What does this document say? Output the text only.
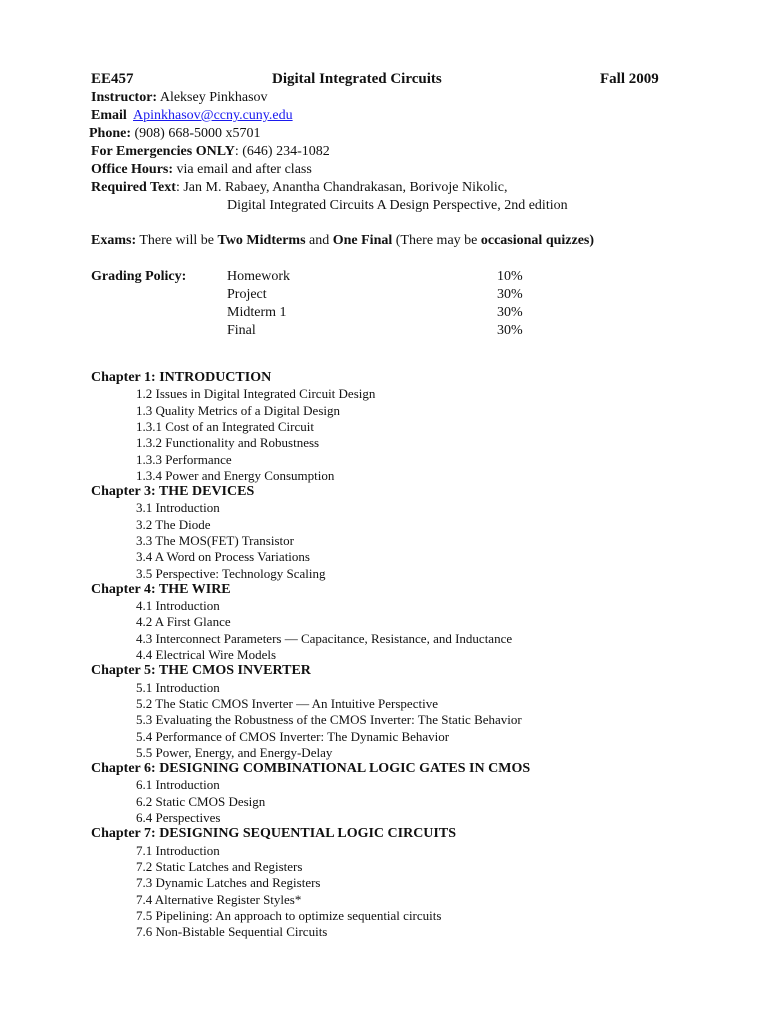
EE457	Digital Integrated Circuits	Fall 2009
Instructor: Aleksey Pinkhasov
Email Apinkhasov@ccny.cuny.edu
Phone: (908) 668-5000 x5701
For Emergencies ONLY: (646) 234-1082
Office Hours: via email and after class
Required Text: Jan M. Rabaey, Anantha Chandrakasan, Borivoje Nikolic,
Digital Integrated Circuits A Design Perspective, 2nd edition
Exams: There will be Two Midterms and One Final (There may be occasional quizzes)
Grading Policy:	Homework	10%
Project	30%
Midterm 1	30%
Final	30%
Chapter 1: INTRODUCTION
1.2 Issues in Digital Integrated Circuit Design
1.3 Quality Metrics of a Digital Design
1.3.1 Cost of an Integrated Circuit
1.3.2 Functionality and Robustness
1.3.3 Performance
1.3.4 Power and Energy Consumption
Chapter 3: THE DEVICES
3.1 Introduction
3.2 The Diode
3.3 The MOS(FET) Transistor
3.4 A Word on Process Variations
3.5 Perspective: Technology Scaling
Chapter 4: THE WIRE
4.1 Introduction
4.2 A First Glance
4.3 Interconnect Parameters — Capacitance, Resistance, and Inductance
4.4 Electrical Wire Models
Chapter 5: THE CMOS INVERTER
5.1 Introduction
5.2 The Static CMOS Inverter — An Intuitive Perspective
5.3 Evaluating the Robustness of the CMOS Inverter: The Static Behavior
5.4 Performance of CMOS Inverter: The Dynamic Behavior
5.5 Power, Energy, and Energy-Delay
Chapter 6: DESIGNING COMBINATIONAL LOGIC GATES IN CMOS
6.1 Introduction
6.2 Static CMOS Design
6.4 Perspectives
Chapter 7: DESIGNING SEQUENTIAL LOGIC CIRCUITS
7.1 Introduction
7.2 Static Latches and Registers
7.3 Dynamic Latches and Registers
7.4 Alternative Register Styles*
7.5 Pipelining: An approach to optimize sequential circuits
7.6 Non-Bistable Sequential Circuits
